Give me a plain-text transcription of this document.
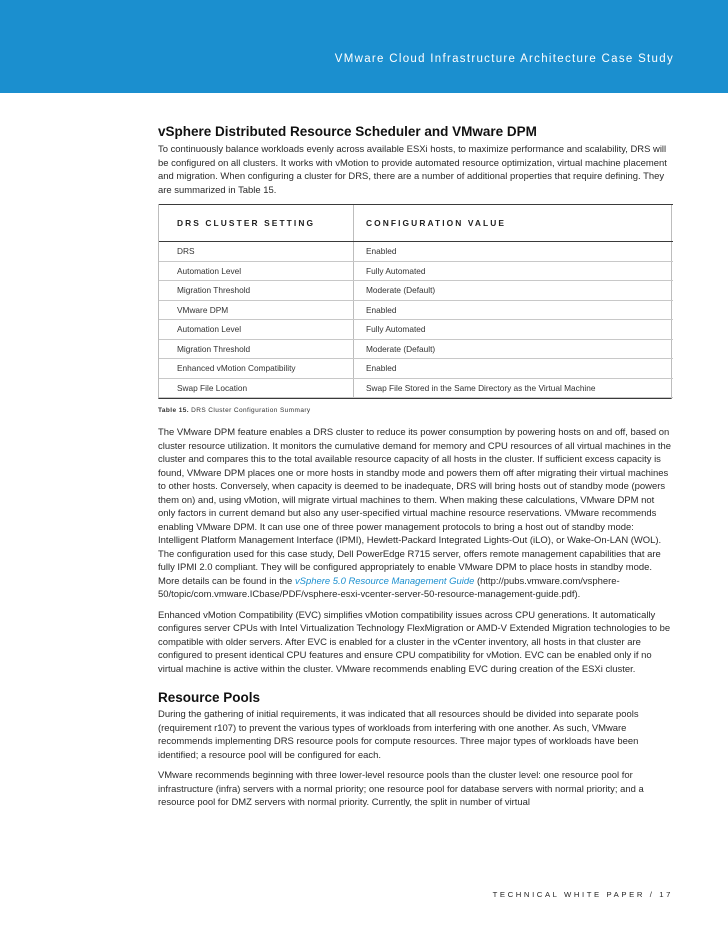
VMware Cloud Infrastructure Architecture Case Study
vSphere Distributed Resource Scheduler and VMware DPM

To continuously balance workloads evenly across available ESXi hosts, to maximize performance and scalability, DRS will be configured on all clusters. It works with vMotion to provide automated resource optimization, virtual machine placement and migration. When configuring a cluster for DRS, there are a number of additional properties that require defining. They are summarized in Table 15.

DRS CLUSTER SETTING	CONFIGURATION VALUE
DRS	Enabled
Automation Level	Fully Automated
Migration Threshold	Moderate (Default)
VMware DPM	Enabled
Automation Level	Fully Automated
Migration Threshold	Moderate (Default)
Enhanced vMotion Compatibility	Enabled
Swap File Location	Swap File Stored in the Same Directory as the Virtual Machine
Table 15. DRS Cluster Configuration Summary

The VMware DPM feature enables a DRS cluster to reduce its power consumption by powering hosts on and off, based on cluster resource utilization. It monitors the cumulative demand for memory and CPU resources of all virtual machines in the cluster and compares this to the total available resource capacity of all hosts in the cluster. If sufficient excess capacity is found, VMware DPM places one or more hosts in standby mode and powers them off after migrating their virtual machines to other hosts. Conversely, when capacity is deemed to be inadequate, DRS will bring hosts out of standby mode (powers them on) and, using vMotion, will migrate virtual machines to them. When making these calculations, VMware DPM not only factors in current demand but also any user-specified virtual machine resource reservations. VMware recommends enabling VMware DPM. It can use one of three power management protocols to bring a host out of standby mode: Intelligent Platform Management Interface (IPMI), Hewlett-Packard Integrated Lights-Out (iLO), or Wake-On-LAN (WOL). The configuration used for this case study, Dell PowerEdge R715 server, offers remote management capabilities that are fully IPMI 2.0 compliant. They will be configured appropriately to enable VMware DPM to place hosts in standby mode. More details can be found in the vSphere 5.0 Resource Management Guide (http://pubs.vmware.com/vsphere-50/topic/com.vmware.ICbase/PDF/vsphere-esxi-vcenter-server-50-resource-management-guide.pdf).

Enhanced vMotion Compatibility (EVC) simplifies vMotion compatibility issues across CPU generations. It automatically configures server CPUs with Intel Virtualization Technology FlexMigration or AMD-V Extended Migration technologies to be compatible with older servers. After EVC is enabled for a cluster in the vCenter inventory, all hosts in that cluster are configured to present identical CPU features and ensure CPU compatibility for vMotion. EVC can be enabled only if no virtual machine is active within the cluster. VMware recommends enabling EVC during creation of the ESXi cluster.

Resource Pools

During the gathering of initial requirements, it was indicated that all resources should be divided into separate pools (requirement r107) to prevent the various types of workloads from interfering with one another. As such, VMware recommends implementing DRS resource pools for compute resources. Three major types of workloads have been identified; a resource pool will be configured for each.

VMware recommends beginning with three lower-level resource pools than the cluster level: one resource pool for infrastructure (infra) servers with a normal priority; one resource pool for database servers with normal priority; and a resource pool for DMZ servers with normal priority. Currently, the split in number of virtual

TECHNICAL WHITE PAPER / 17
